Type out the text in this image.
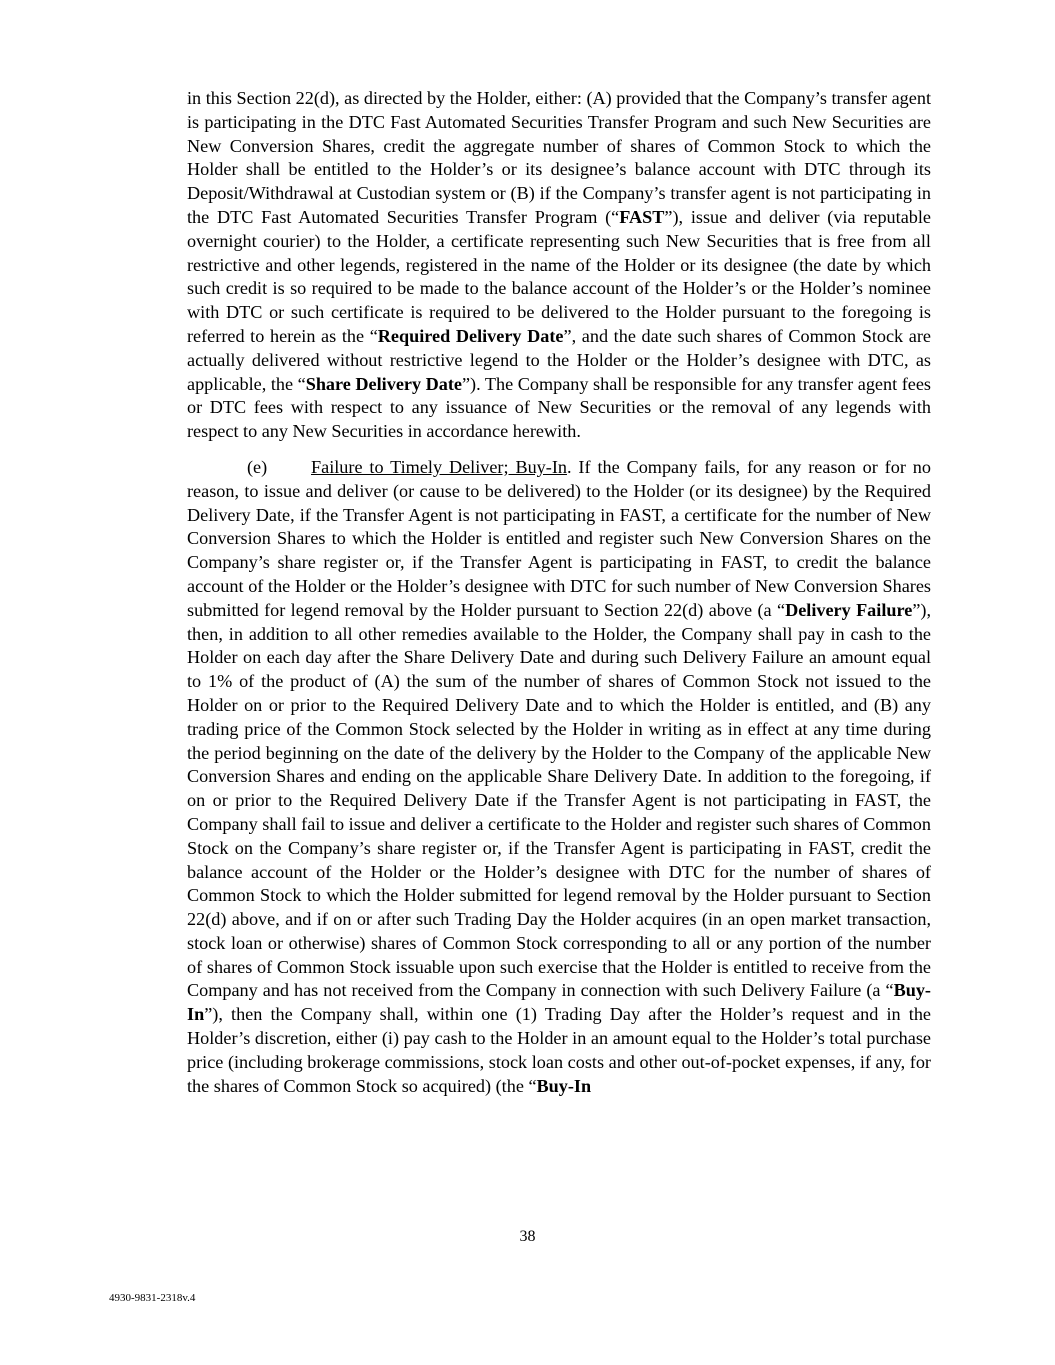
in this Section 22(d), as directed by the Holder, either: (A) provided that the Company’s transfer agent is participating in the DTC Fast Automated Securities Transfer Program and such New Securities are New Conversion Shares, credit the aggregate number of shares of Common Stock to which the Holder shall be entitled to the Holder’s or its designee’s balance account with DTC through its Deposit/Withdrawal at Custodian system or (B) if the Company’s transfer agent is not participating in the DTC Fast Automated Securities Transfer Program (“FAST”), issue and deliver (via reputable overnight courier) to the Holder, a certificate representing such New Securities that is free from all restrictive and other legends, registered in the name of the Holder or its designee (the date by which such credit is so required to be made to the balance account of the Holder’s or the Holder’s nominee with DTC or such certificate is required to be delivered to the Holder pursuant to the foregoing is referred to herein as the “Required Delivery Date”, and the date such shares of Common Stock are actually delivered without restrictive legend to the Holder or the Holder’s designee with DTC, as applicable, the “Share Delivery Date”). The Company shall be responsible for any transfer agent fees or DTC fees with respect to any issuance of New Securities or the removal of any legends with respect to any New Securities in accordance herewith.

(e) Failure to Timely Deliver; Buy-In. If the Company fails, for any reason or for no reason, to issue and deliver (or cause to be delivered) to the Holder (or its designee) by the Required Delivery Date, if the Transfer Agent is not participating in FAST, a certificate for the number of New Conversion Shares to which the Holder is entitled and register such New Conversion Shares on the Company’s share register or, if the Transfer Agent is participating in FAST, to credit the balance account of the Holder or the Holder’s designee with DTC for such number of New Conversion Shares submitted for legend removal by the Holder pursuant to Section 22(d) above (a “Delivery Failure”), then, in addition to all other remedies available to the Holder, the Company shall pay in cash to the Holder on each day after the Share Delivery Date and during such Delivery Failure an amount equal to 1% of the product of (A) the sum of the number of shares of Common Stock not issued to the Holder on or prior to the Required Delivery Date and to which the Holder is entitled, and (B) any trading price of the Common Stock selected by the Holder in writing as in effect at any time during the period beginning on the date of the delivery by the Holder to the Company of the applicable New Conversion Shares and ending on the applicable Share Delivery Date. In addition to the foregoing, if on or prior to the Required Delivery Date if the Transfer Agent is not participating in FAST, the Company shall fail to issue and deliver a certificate to the Holder and register such shares of Common Stock on the Company’s share register or, if the Transfer Agent is participating in FAST, credit the balance account of the Holder or the Holder’s designee with DTC for the number of shares of Common Stock to which the Holder submitted for legend removal by the Holder pursuant to Section 22(d) above, and if on or after such Trading Day the Holder acquires (in an open market transaction, stock loan or otherwise) shares of Common Stock corresponding to all or any portion of the number of shares of Common Stock issuable upon such exercise that the Holder is entitled to receive from the Company and has not received from the Company in connection with such Delivery Failure (a “Buy-In”), then the Company shall, within one (1) Trading Day after the Holder’s request and in the Holder’s discretion, either (i) pay cash to the Holder in an amount equal to the Holder’s total purchase price (including brokerage commissions, stock loan costs and other out-of-pocket expenses, if any, for the shares of Common Stock so acquired) (the “Buy-In

38
4930-9831-2318v.4
